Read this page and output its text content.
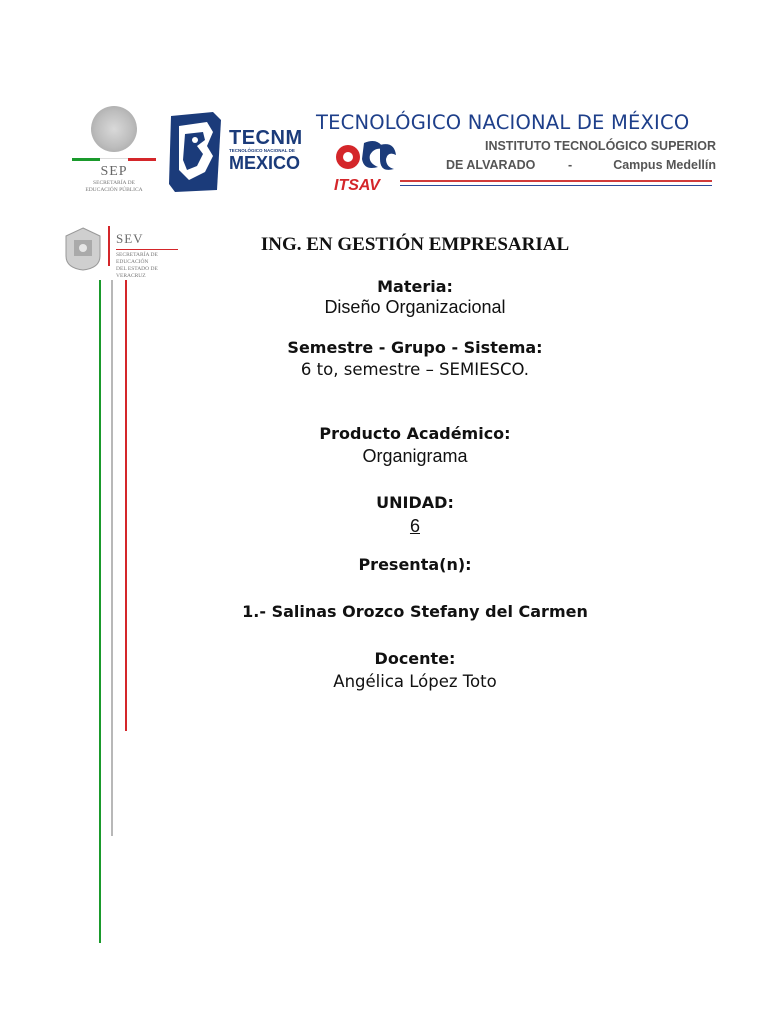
SEP
SECRETARÍA DE
EDUCACIÓN PÚBLICA
TECNM
TECNOLÓGICO NACIONAL DE
MEXICO
ITSAV
TECNOLÓGICO NACIONAL DE MÉXICO
INSTITUTO TECNOLÓGICO SUPERIOR
DE ALVARADO	-	Campus Medellín
SEV
SECRETARÍA DE EDUCACIÓN
DEL ESTADO DE VERACRUZ
ING. EN GESTIÓN EMPRESARIAL
Materia:
Diseño Organizacional
Semestre - Grupo - Sistema:
6 to, semestre – SEMIESCO.
Producto Académico:
Organigrama
UNIDAD:
6
Presenta(n):
1.- Salinas Orozco Stefany del Carmen
Docente:
Angélica López Toto
